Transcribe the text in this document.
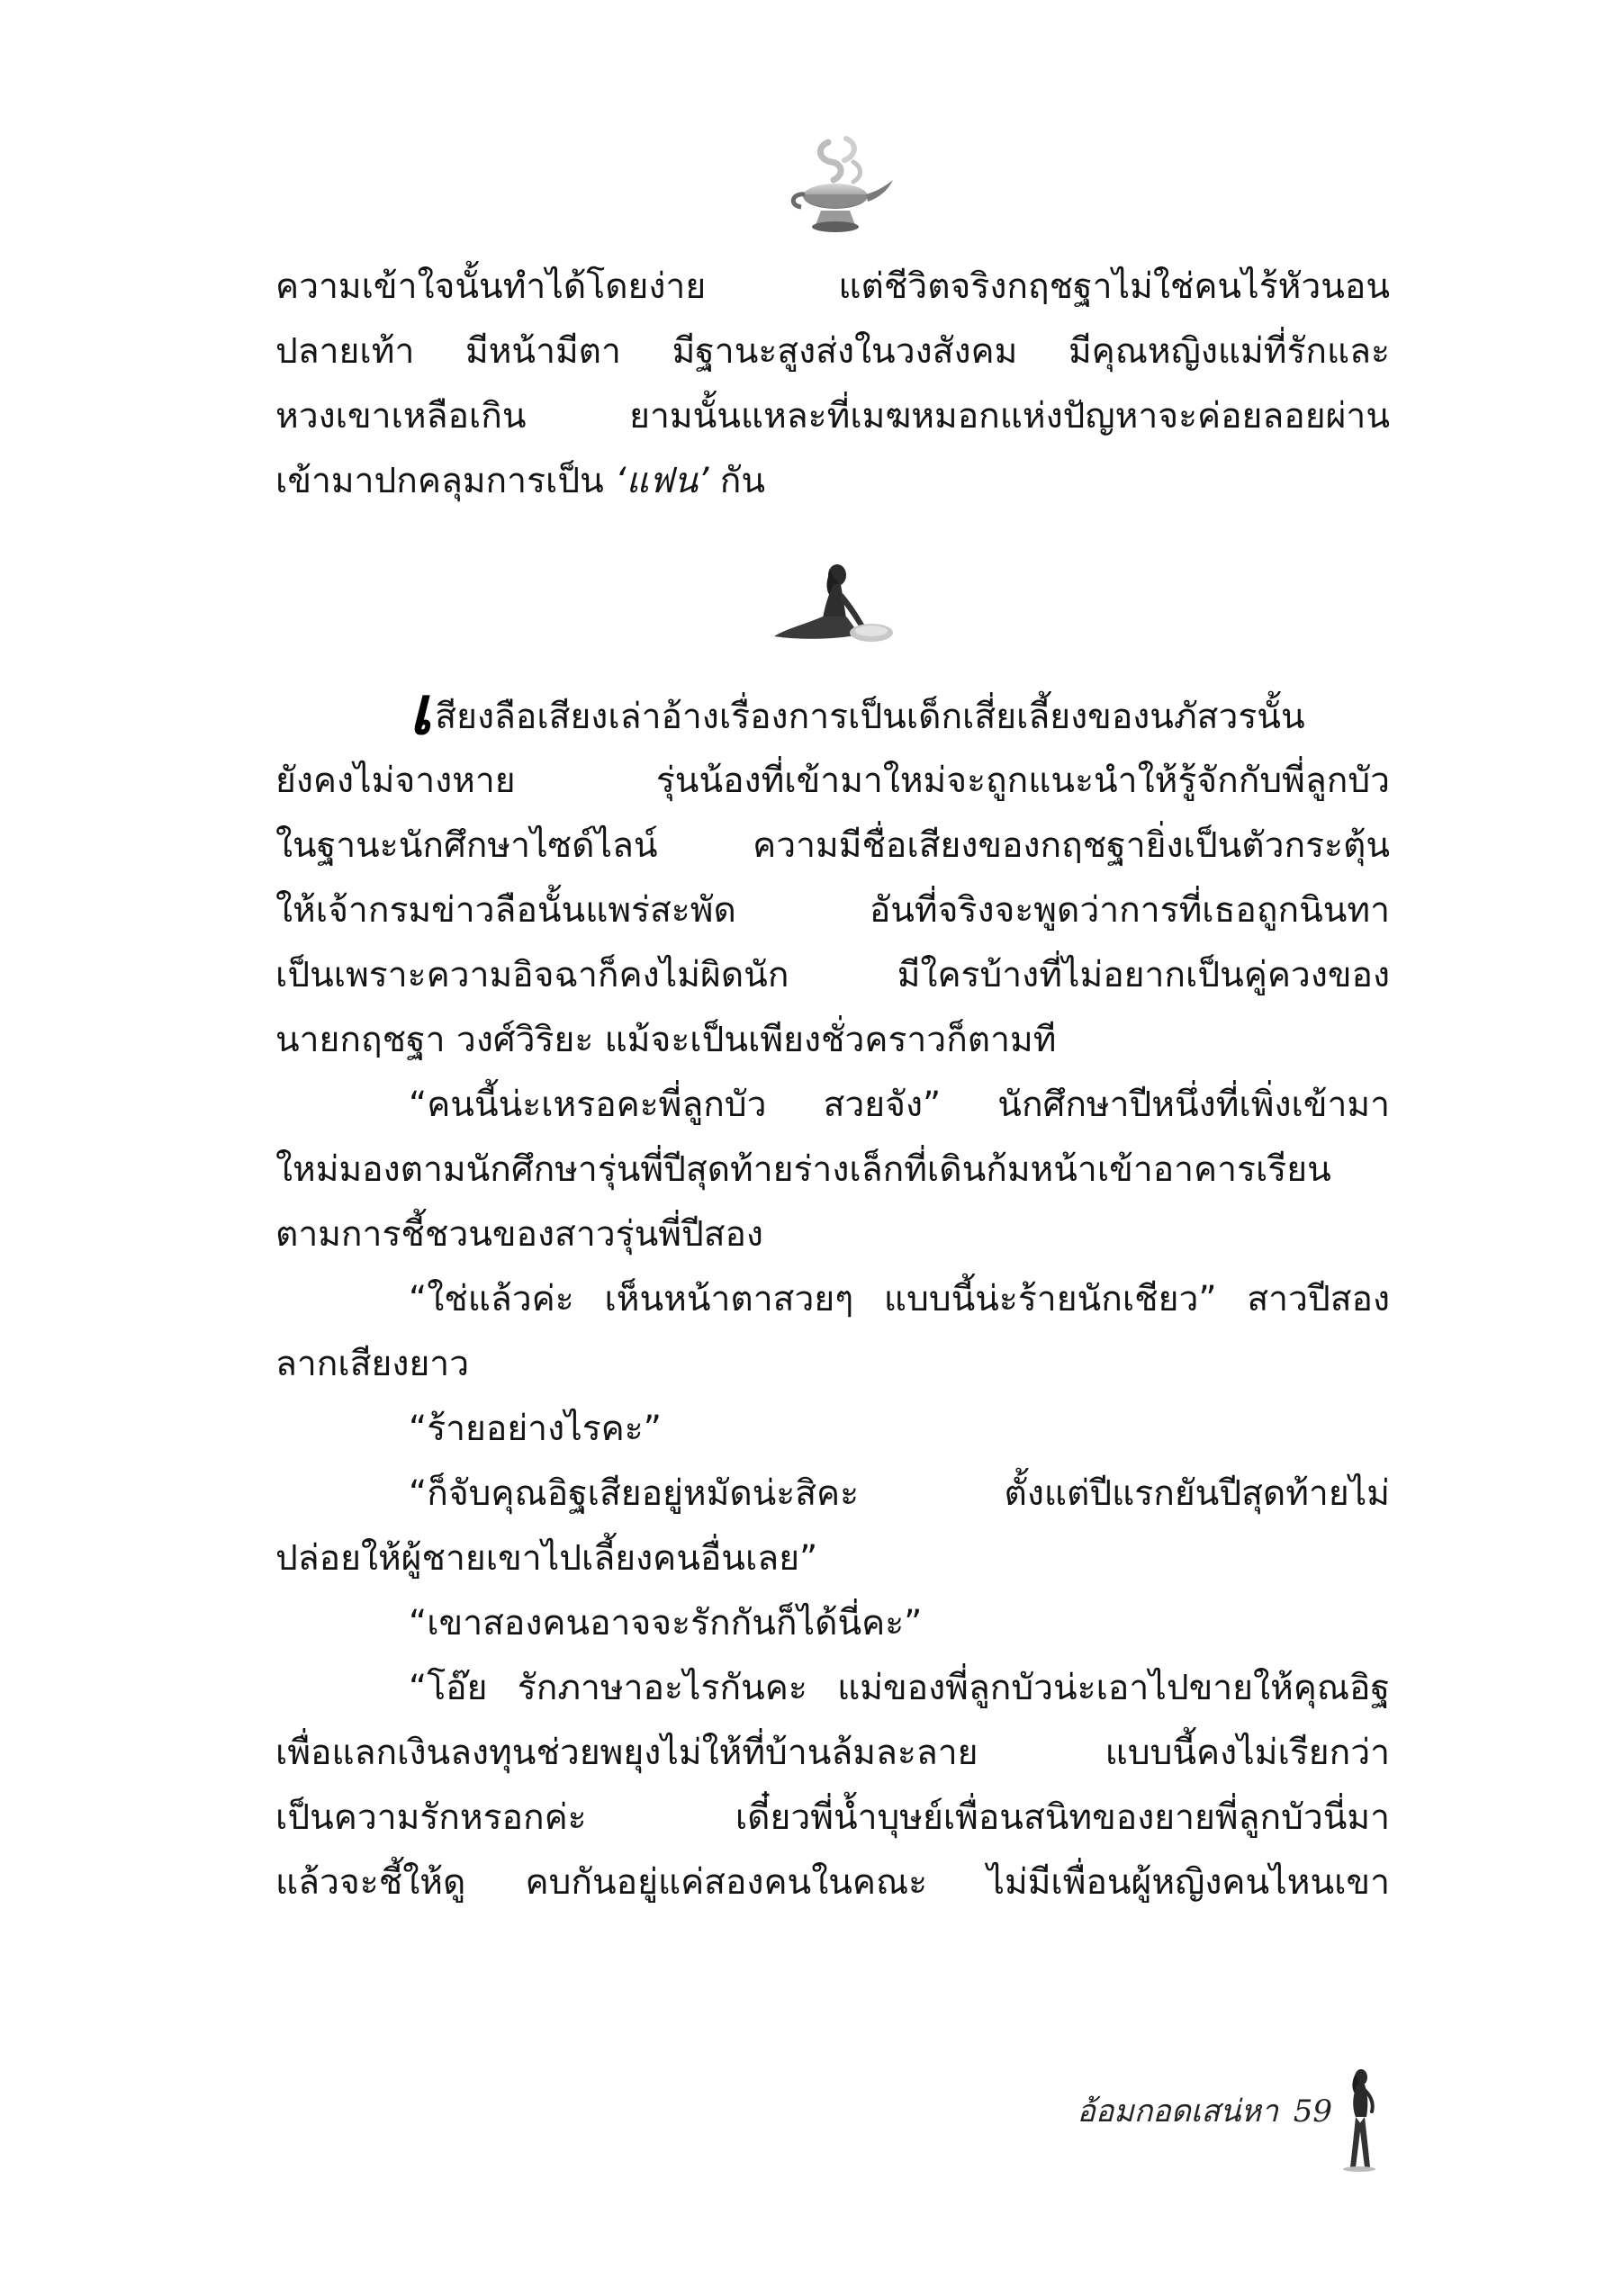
ความเข้าใจนั้นทำได้โดยง่าย แต่ชีวิตจริงกฤชฐาไม่ใช่คนไร้หัวนอน
ปลายเท้า มีหน้ามีตา มีฐานะสูงส่งในวงสังคม มีคุณหญิงแม่ที่รักและ
หวงเขาเหลือเกิน ยามนั้นแหละที่เมฆหมอกแห่งปัญหาจะค่อยลอยผ่าน
เข้ามาปกคลุมการเป็น ‘แฟน’ กัน
เสียงลือเสียงเล่าอ้างเรื่องการเป็นเด็กเสี่ยเลี้ยงของนภัสวรนั้น
ยังคงไม่จางหาย รุ่นน้องที่เข้ามาใหม่จะถูกแนะนำให้รู้จักกับพี่ลูกบัว
ในฐานะนักศึกษาไซด์ไลน์ ความมีชื่อเสียงของกฤชฐายิ่งเป็นตัวกระตุ้น
ให้เจ้ากรมข่าวลือนั้นแพร่สะพัด อันที่จริงจะพูดว่าการที่เธอถูกนินทา
เป็นเพราะความอิจฉาก็คงไม่ผิดนัก มีใครบ้างที่ไม่อยากเป็นคู่ควงของ
นายกฤชฐา วงศ์วิริยะ แม้จะเป็นเพียงชั่วคราวก็ตามที
“คนนี้น่ะเหรอคะพี่ลูกบัว สวยจัง” นักศึกษาปีหนึ่งที่เพิ่งเข้ามา
ใหม่มองตามนักศึกษารุ่นพี่ปีสุดท้ายร่างเล็กที่เดินก้มหน้าเข้าอาคารเรียน
ตามการชี้ชวนของสาวรุ่นพี่ปีสอง
“ใช่แล้วค่ะ เห็นหน้าตาสวยๆ แบบนี้น่ะร้ายนักเชียว” สาวปีสอง
ลากเสียงยาว
“ร้ายอย่างไรคะ”
“ก็จับคุณอิฐเสียอยู่หมัดน่ะสิคะ ตั้งแต่ปีแรกยันปีสุดท้ายไม่
ปล่อยให้ผู้ชายเขาไปเลี้ยงคนอื่นเลย”
“เขาสองคนอาจจะรักกันก็ได้นี่คะ”
“โอ๊ย รักภาษาอะไรกันคะ แม่ของพี่ลูกบัวน่ะเอาไปขายให้คุณอิฐ
เพื่อแลกเงินลงทุนช่วยพยุงไม่ให้ที่บ้านล้มละลาย แบบนี้คงไม่เรียกว่า
เป็นความรักหรอกค่ะ เดี๋ยวพี่น้ำบุษย์เพื่อนสนิทของยายพี่ลูกบัวนี่มา
แล้วจะชี้ให้ดู คบกันอยู่แค่สองคนในคณะ ไม่มีเพื่อนผู้หญิงคนไหนเขา
อ้อมกอดเสน่หา 59
